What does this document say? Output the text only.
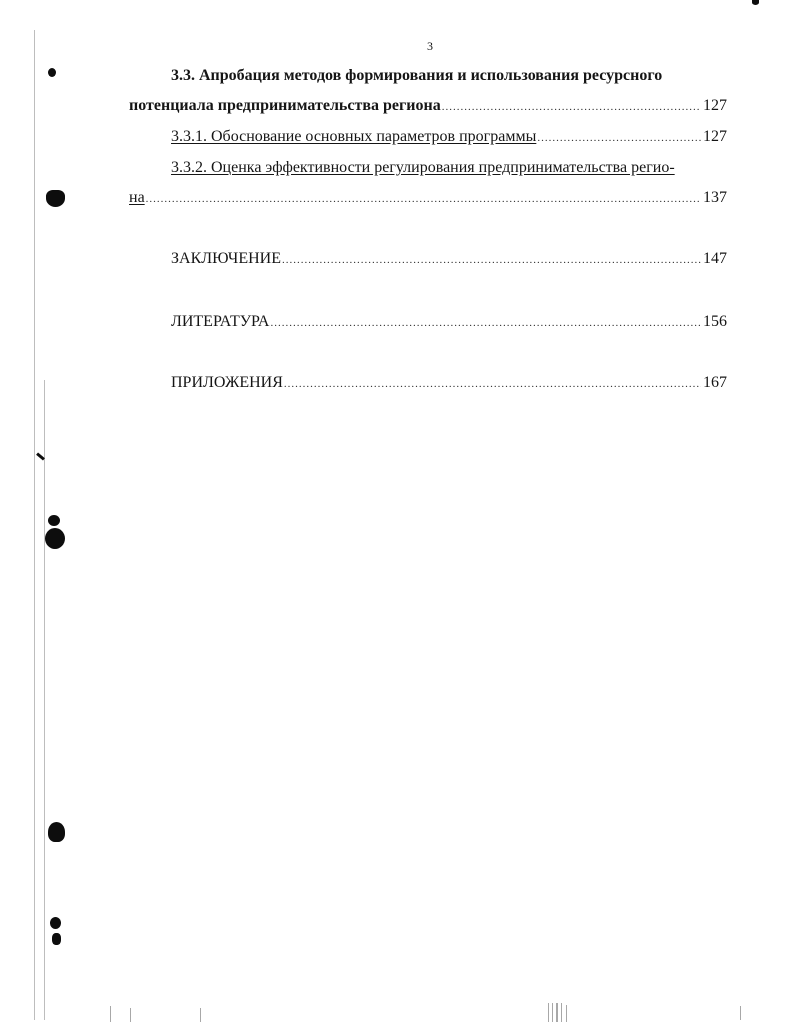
3
3.3. Апробация методов формирования и использования ресурсного
потенциала предпринимательства региона .....	127
3.3.1. Обоснование основных параметров программы .....	127
3.3.2. Оценка эффективности регулирования предпринимательства регио-
на .....	137
ЗАКЛЮЧЕНИЕ .....	147
ЛИТЕРАТУРА .....	156
ПРИЛОЖЕНИЯ .....	167
